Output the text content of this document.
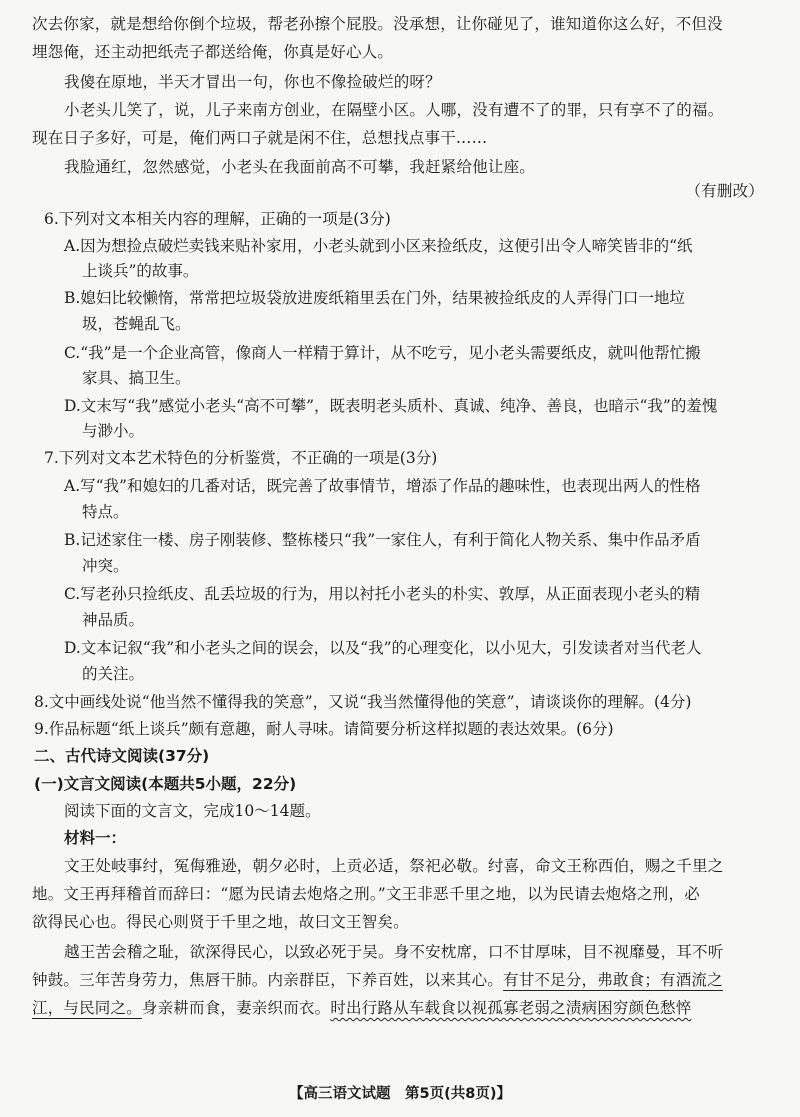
次去你家，就是想给你倒个垃圾，帮老孙擦个屁股。没承想，让你碰见了，谁知道你这么好，不但没
埋怨俺，还主动把纸壳子都送给俺，你真是好心人。
我傻在原地，半天才冒出一句，你也不像捡破烂的呀？
小老头儿笑了，说，儿子来南方创业，在隔壁小区。人哪，没有遭不了的罪，只有享不了的福。
现在日子多好，可是，俺们两口子就是闲不住，总想找点事干……
我脸通红，忽然感觉，小老头在我面前高不可攀，我赶紧给他让座。
（有删改）
6.下列对文本相关内容的理解，正确的一项是(3分)
A.因为想捡点破烂卖钱来贴补家用，小老头就到小区来捡纸皮，这便引出令人啼笑皆非的“纸
上谈兵”的故事。
B.媳妇比较懒惰，常常把垃圾袋放进废纸箱里丢在门外，结果被捡纸皮的人弄得门口一地垃
圾，苍蝇乱飞。
C.“我”是一个企业高管，像商人一样精于算计，从不吃亏，见小老头需要纸皮，就叫他帮忙搬
家具、搞卫生。
D.文末写“我”感觉小老头“高不可攀”，既表明老头质朴、真诚、纯净、善良，也暗示“我”的羞愧
与渺小。
7.下列对文本艺术特色的分析鉴赏，不正确的一项是(3分)
A.写“我”和媳妇的几番对话，既完善了故事情节，增添了作品的趣味性，也表现出两人的性格
特点。
B.记述家住一楼、房子刚装修、整栋楼只“我”一家住人，有利于简化人物关系、集中作品矛盾
冲突。
C.写老孙只捡纸皮、乱丢垃圾的行为，用以衬托小老头的朴实、敦厚，从正面表现小老头的精
神品质。
D.文本记叙“我”和小老头之间的误会，以及“我”的心理变化，以小见大，引发读者对当代老人
的关注。
8.文中画线处说“他当然不懂得我的笑意”，又说“我当然懂得他的笑意”，请谈谈你的理解。(4分)
9.作品标题“纸上谈兵”颇有意趣，耐人寻味。请简要分析这样拟题的表达效果。(6分)
二、古代诗文阅读(37分)
(一)文言文阅读(本题共5小题，22分)
阅读下面的文言文，完成10～14题。
材料一：
文王处岐事纣，冤侮雅逊，朝夕必时，上贡必适，祭祀必敬。纣喜，命文王称西伯，赐之千里之
地。文王再拜稽首而辞曰：“愿为民请去炮烙之刑。”文王非恶千里之地，以为民请去炮烙之刑，必
欲得民心也。得民心则贤于千里之地，故曰文王智矣。
越王苦会稽之耻，欲深得民心，以致必死于吴。身不安枕席，口不甘厚味，目不视靡曼，耳不听
钟鼓。三年苦身劳力，焦唇干肺。内亲群臣，下养百姓，以来其心。有甘不足分，弗敢食；有酒流之
江，与民同之。身亲耕而食，妻亲织而衣。时出行路从车载食以视孤寡老弱之渍病困穷颜色愁悴
【高三语文试题　第5页(共8页)】
